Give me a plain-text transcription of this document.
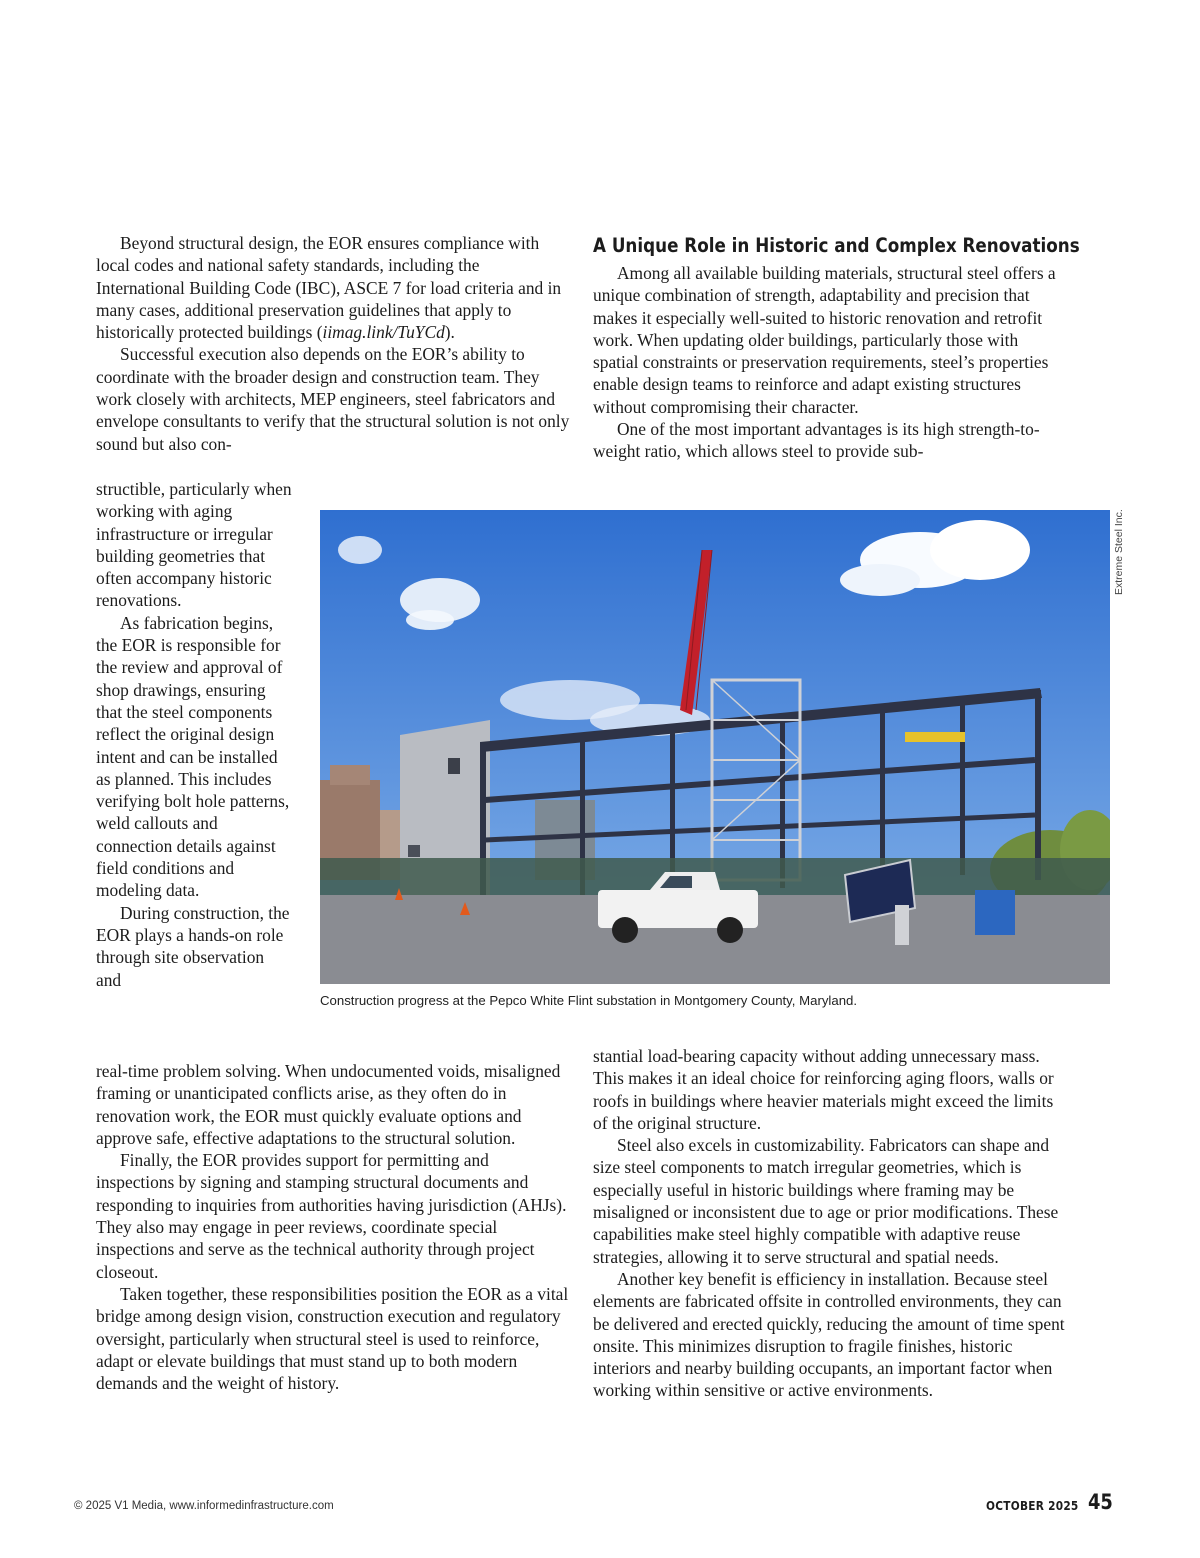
Beyond structural design, the EOR ensures compliance with local codes and national safety standards, including the International Building Code (IBC), ASCE 7 for load criteria and in many cases, additional preservation guidelines that apply to historically protected buildings (iimag.link/TuYCd).

Successful execution also depends on the EOR’s ability to coordinate with the broader design and construction team. They work closely with architects, MEP engineers, steel fabricators and envelope consultants to verify that the structural solution is not only sound but also con-

structible, particularly when working with aging infrastructure or irregular building geometries that often accompany historic renovations.

As fabrication begins, the EOR is responsible for the review and approval of shop drawings, ensuring that the steel components reflect the original design intent and can be installed as planned. This includes verifying bolt hole patterns, weld callouts and connection details against field conditions and modeling data.

During construction, the EOR plays a hands-on role through site observation and

real-time problem solving. When undocumented voids, misaligned framing or unanticipated conflicts arise, as they often do in renovation work, the EOR must quickly evaluate options and approve safe, effective adaptations to the structural solution.

Finally, the EOR provides support for permitting and inspections by signing and stamping structural documents and responding to inquiries from authorities having jurisdiction (AHJs). They also may engage in peer reviews, coordinate special inspections and serve as the technical authority through project closeout.

Taken together, these responsibilities position the EOR as a vital bridge among design vision, construction execution and regulatory oversight, particularly when structural steel is used to reinforce, adapt or elevate buildings that must stand up to both modern demands and the weight of history.

A Unique Role in Historic and Complex Renovations

Among all available building materials, structural steel offers a unique combination of strength, adaptability and precision that makes it especially well-suited to historic renovation and retrofit work. When updating older buildings, particularly those with spatial constraints or preservation requirements, steel’s properties enable design teams to reinforce and adapt existing structures without compromising their character.

One of the most important advantages is its high strength-to-weight ratio, which allows steel to provide sub-

stantial load-bearing capacity without adding unnecessary mass. This makes it an ideal choice for reinforcing aging floors, walls or roofs in buildings where heavier materials might exceed the limits of the original structure.

Steel also excels in customizability. Fabricators can shape and size steel components to match irregular geometries, which is especially useful in historic buildings where framing may be misaligned or inconsistent due to age or prior modifications. These capabilities make steel highly compatible with adaptive reuse strategies, allowing it to serve structural and spatial needs.

Another key benefit is efficiency in installation. Because steel elements are fabricated offsite in controlled environments, they can be delivered and erected quickly, reducing the amount of time spent onsite. This minimizes disruption to fragile finishes, historic interiors and nearby building occupants, an important factor when working within sensitive or active environments.

Construction progress at the Pepco White Flint substation in Montgomery County, Maryland.
Extreme Steel Inc.
© 2025 V1 Media, www.informedinfrastructure.com	OCTOBER 2025 45
